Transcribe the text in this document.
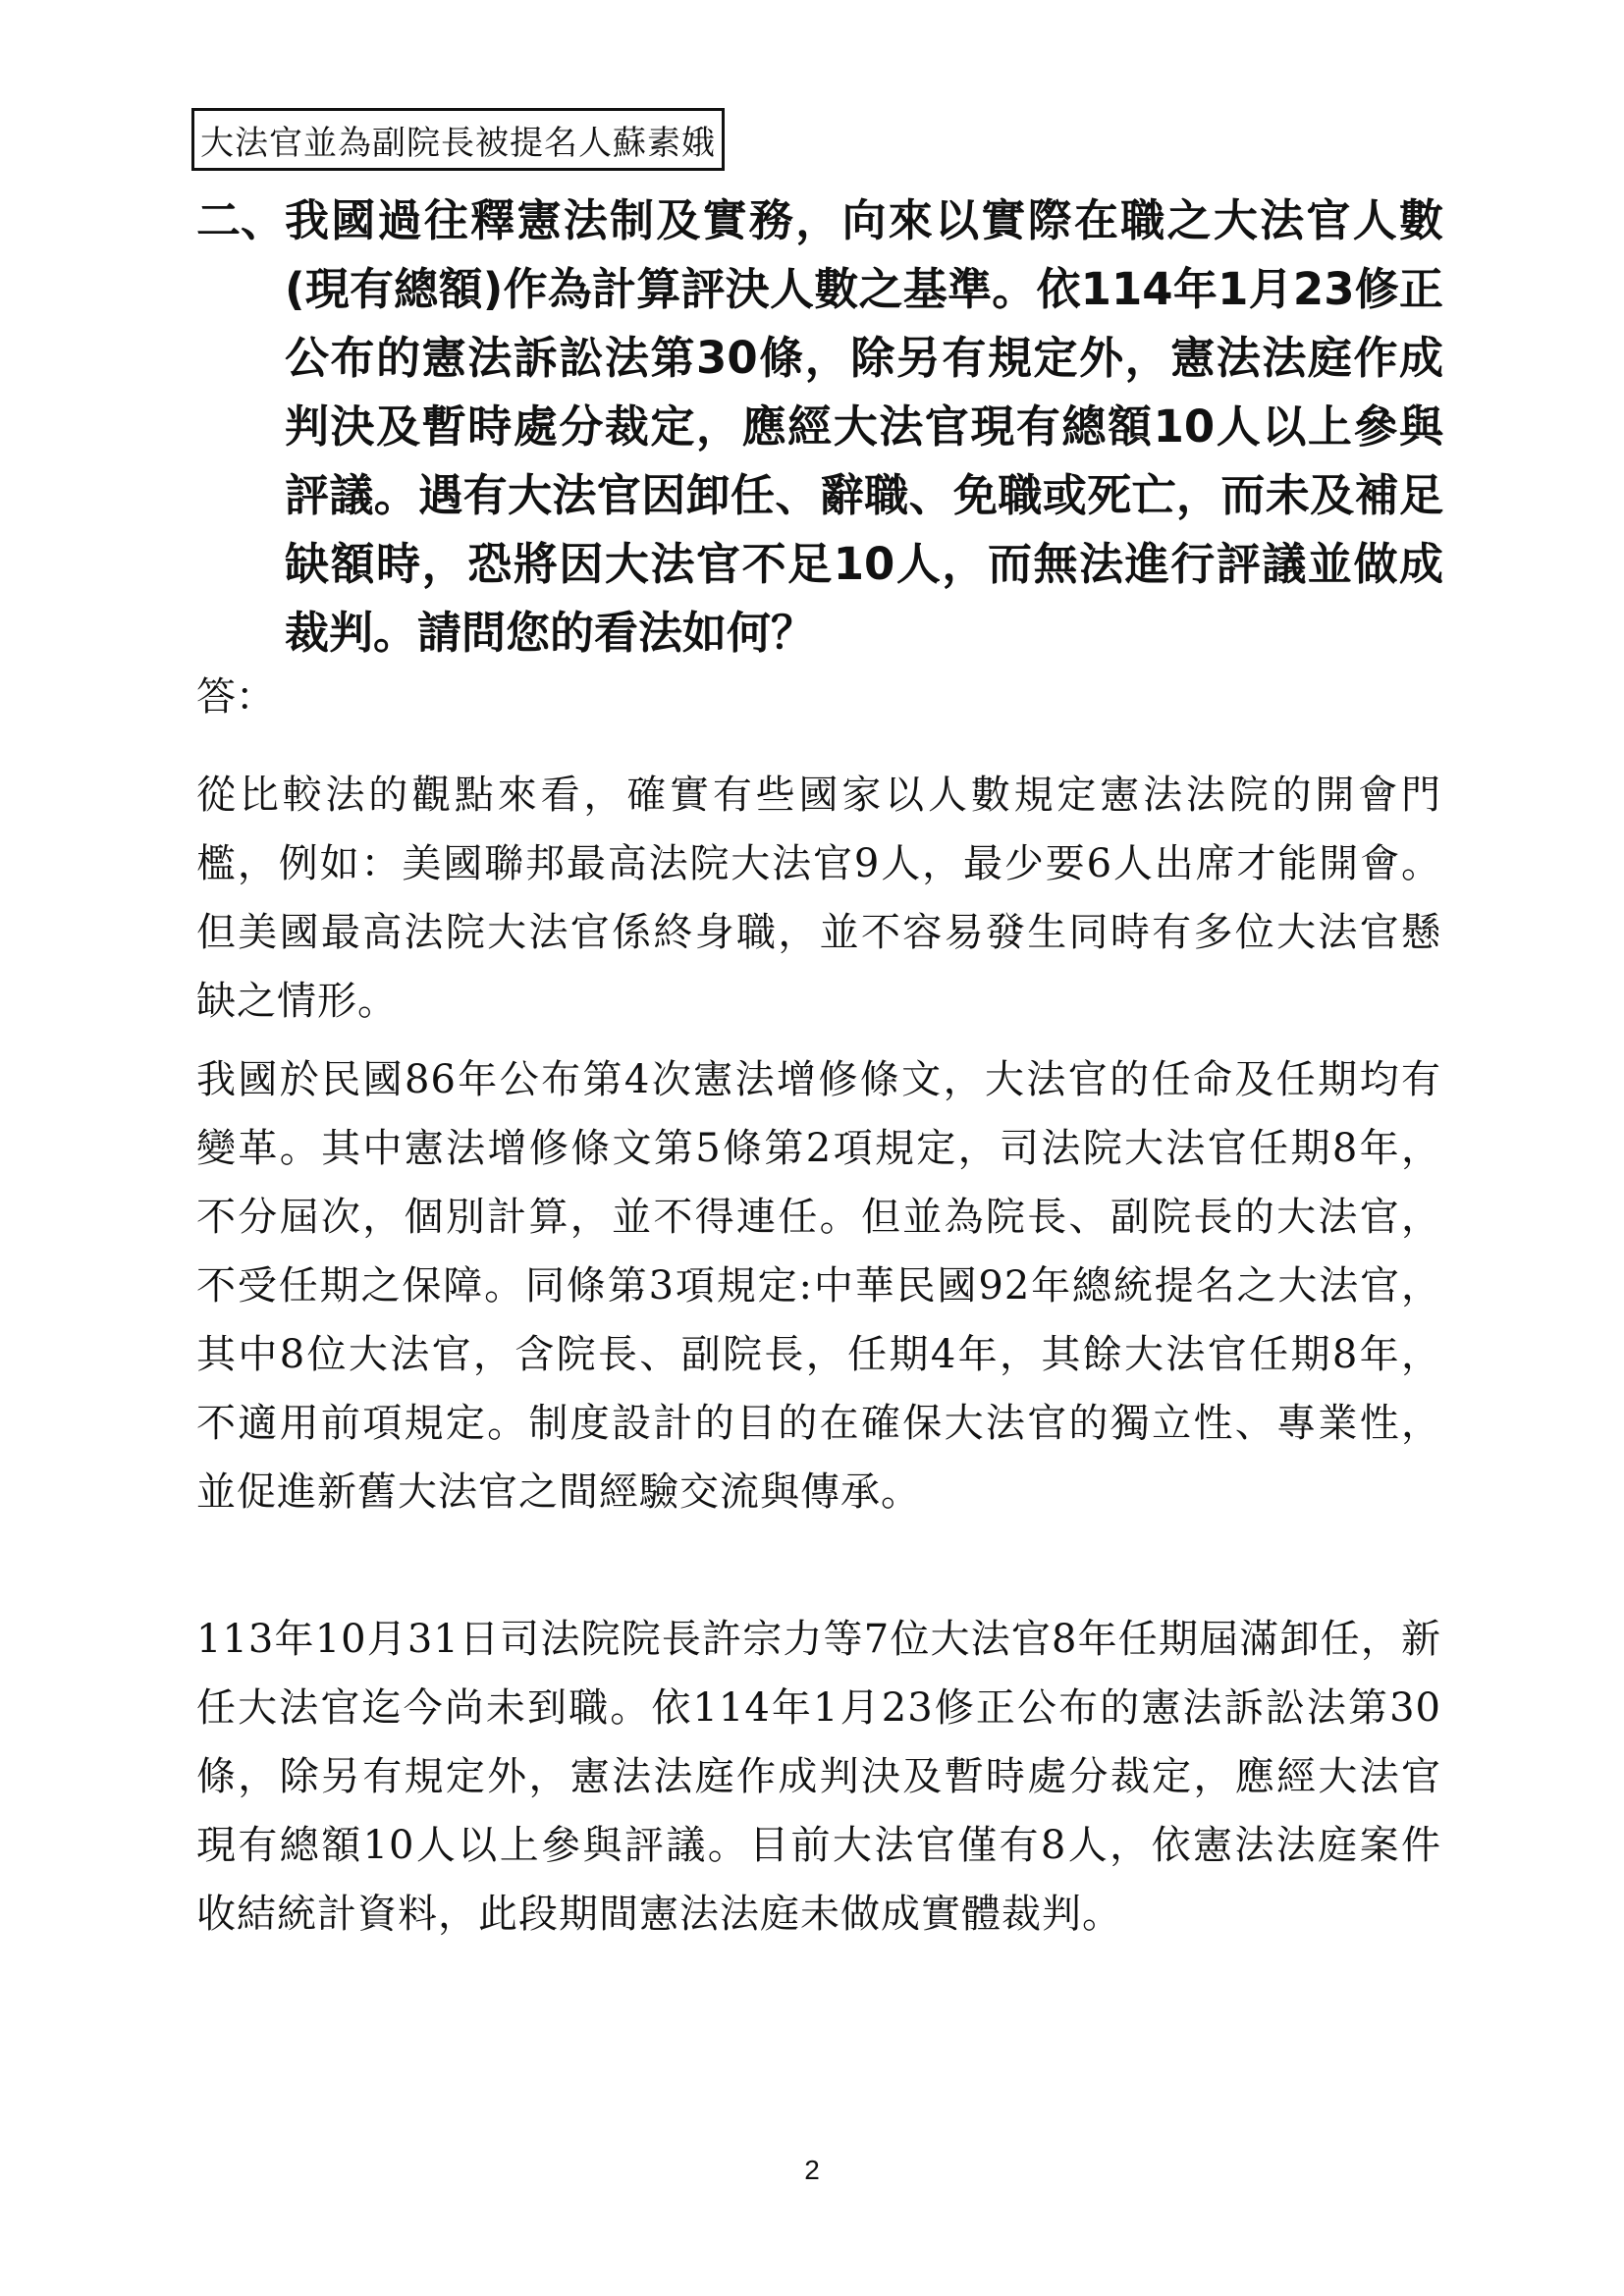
大法官並為副院長被提名人蘇素娥
二、 我國過往釋憲法制及實務，向來以實際在職之大法官人數(現有總額)作為計算評決人數之基準。依114年1月23修正公布的憲法訴訟法第30條，除另有規定外，憲法法庭作成判決及暫時處分裁定，應經大法官現有總額10人以上參與評議。遇有大法官因卸任、辭職、免職或死亡，而未及補足缺額時，恐將因大法官不足10人，而無法進行評議並做成裁判。請問您的看法如何？
答：
從比較法的觀點來看，確實有些國家以人數規定憲法法院的開會門檻，例如：美國聯邦最高法院大法官9人，最少要6人出席才能開會。但美國最高法院大法官係終身職，並不容易發生同時有多位大法官懸缺之情形。
我國於民國86年公布第4次憲法增修條文，大法官的任命及任期均有變革。其中憲法增修條文第5條第2項規定，司法院大法官任期8年，不分屆次，個別計算，並不得連任。但並為院長、副院長的大法官，不受任期之保障。同條第3項規定:中華民國92年總統提名之大法官，其中8位大法官，含院長、副院長，任期4年，其餘大法官任期8年，不適用前項規定。制度設計的目的在確保大法官的獨立性、專業性，並促進新舊大法官之間經驗交流與傳承。
113年10月31日司法院院長許宗力等7位大法官8年任期屆滿卸任，新任大法官迄今尚未到職。依114年1月23修正公布的憲法訴訟法第30條，除另有規定外，憲法法庭作成判決及暫時處分裁定，應經大法官現有總額10人以上參與評議。目前大法官僅有8人，依憲法法庭案件收結統計資料，此段期間憲法法庭未做成實體裁判。
2
